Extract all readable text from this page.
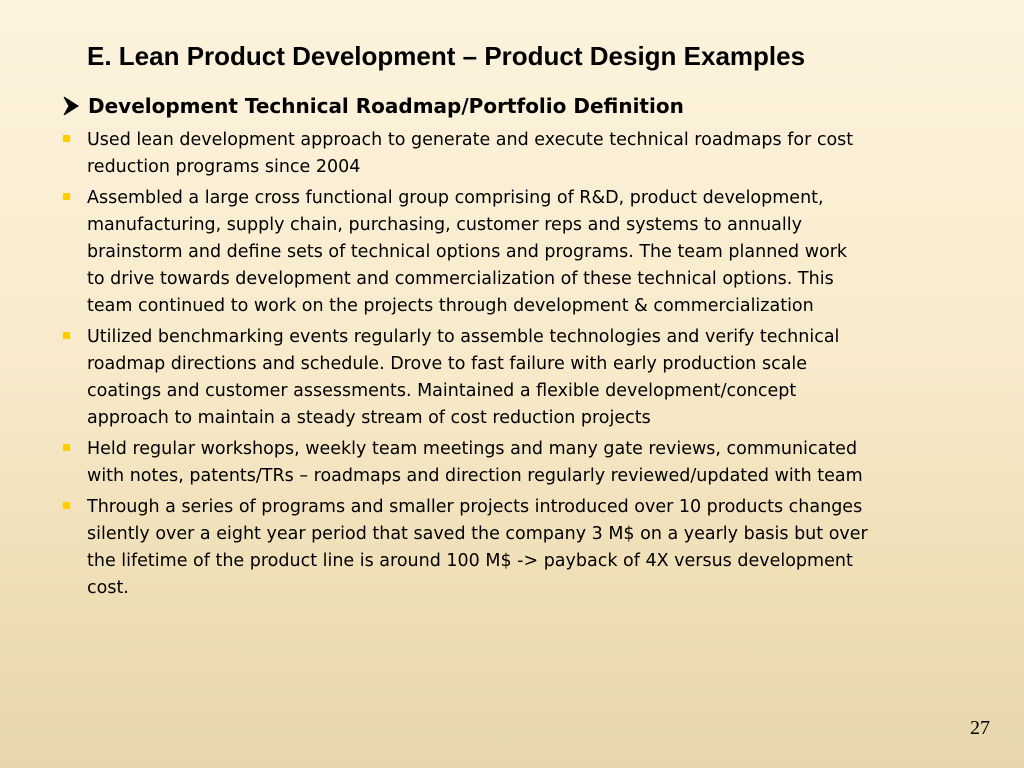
E. Lean Product Development – Product Design Examples
Development Technical Roadmap/Portfolio Definition
Used lean development approach to generate and execute technical roadmaps for cost
reduction programs since 2004
Assembled a large cross functional group comprising of R&D, product development,
manufacturing, supply chain, purchasing, customer reps and systems to annually
brainstorm and define sets of technical options and programs. The team planned work
to drive towards development and commercialization of these technical options. This
team continued to work on the projects through development & commercialization
Utilized benchmarking events regularly to assemble technologies and verify technical
roadmap directions and schedule. Drove to fast failure with early production scale
coatings and customer assessments. Maintained a flexible development/concept
approach to maintain a steady stream of cost reduction projects
Held regular workshops, weekly team meetings and many gate reviews, communicated
with notes, patents/TRs – roadmaps and direction regularly reviewed/updated with team
Through a series of programs and smaller projects introduced over 10 products changes
silently over a eight year period that saved the company 3 M$ on a yearly basis but over
the lifetime of the product line is around 100 M$ -> payback of 4X versus development
cost.
27
